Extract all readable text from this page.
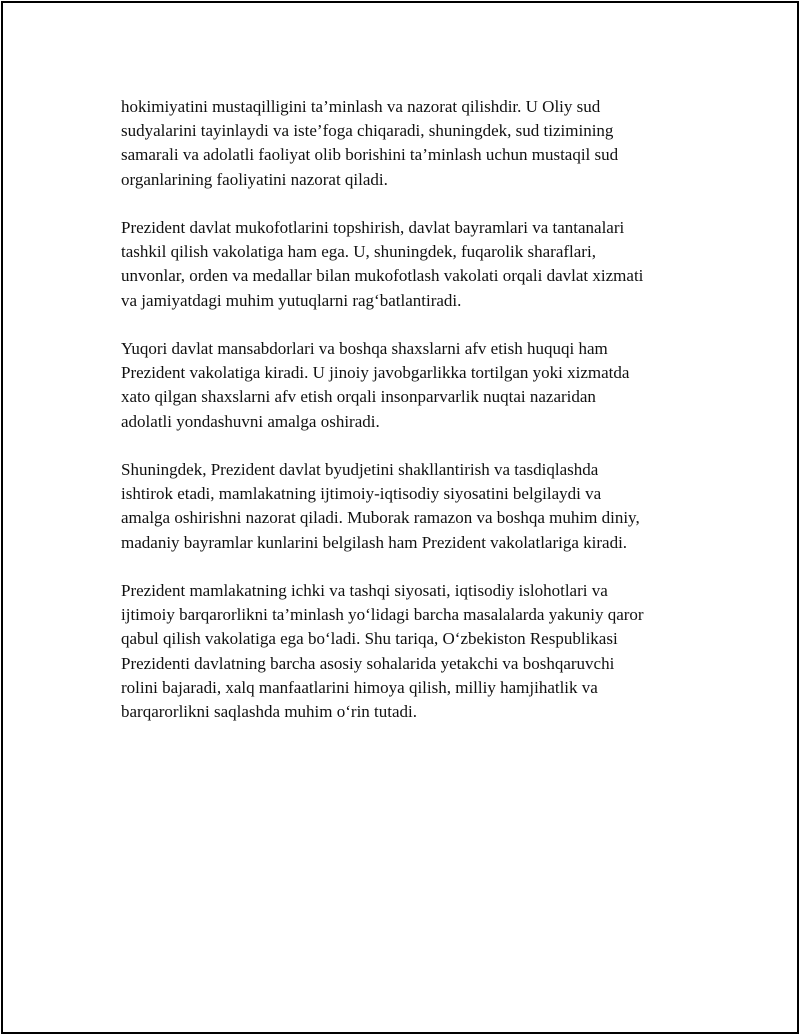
hokimiyatini mustaqilligini ta’minlash va nazorat qilishdir. U Oliy sud
sudyalarini tayinlaydi va iste’foga chiqaradi, shuningdek, sud tizimining
samarali va adolatli faoliyat olib borishini ta’minlash uchun mustaqil sud
organlarining faoliyatini nazorat qiladi.

Prezident davlat mukofotlarini topshirish, davlat bayramlari va tantanalari
tashkil qilish vakolatiga ham ega. U, shuningdek, fuqarolik sharaflari,
unvonlar, orden va medallar bilan mukofotlash vakolati orqali davlat xizmati
va jamiyatdagi muhim yutuqlarni rag‘batlantiradi.

Yuqori davlat mansabdorlari va boshqa shaxslarni afv etish huquqi ham
Prezident vakolatiga kiradi. U jinoiy javobgarlikka tortilgan yoki xizmatda
xato qilgan shaxslarni afv etish orqali insonparvarlik nuqtai nazaridan
adolatli yondashuvni amalga oshiradi.

Shuningdek, Prezident davlat byudjetini shakllantirish va tasdiqlashda
ishtirok etadi, mamlakatning ijtimoiy-iqtisodiy siyosatini belgilaydi va
amalga oshirishni nazorat qiladi. Muborak ramazon va boshqa muhim diniy,
madaniy bayramlar kunlarini belgilash ham Prezident vakolatlariga kiradi.

Prezident mamlakatning ichki va tashqi siyosati, iqtisodiy islohotlari va
ijtimoiy barqarorlikni ta’minlash yo‘lidagi barcha masalalarda yakuniy qaror
qabul qilish vakolatiga ega bo‘ladi. Shu tariqa, O‘zbekiston Respublikasi
Prezidenti davlatning barcha asosiy sohalarida yetakchi va boshqaruvchi
rolini bajaradi, xalq manfaatlarini himoya qilish, milliy hamjihatlik va
barqarorlikni saqlashda muhim o‘rin tutadi.
